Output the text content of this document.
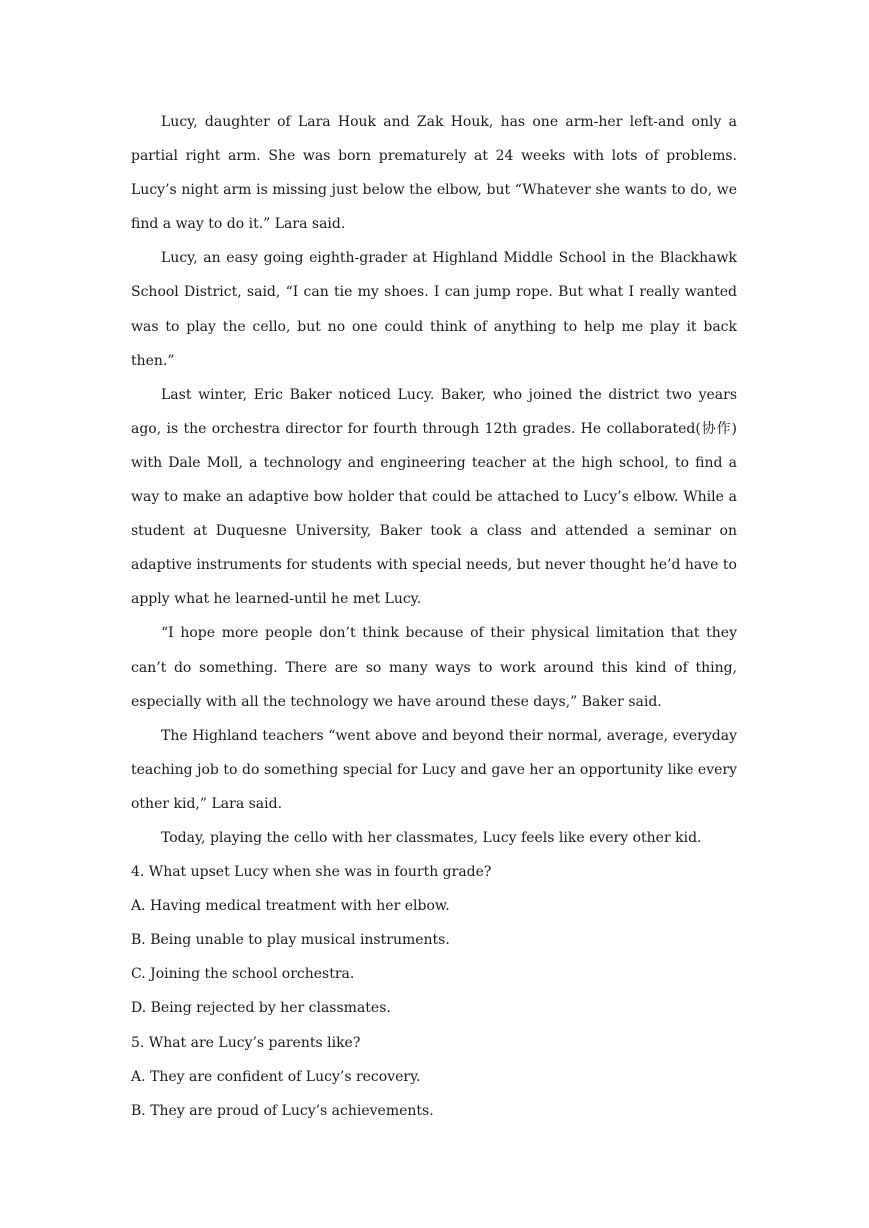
Lucy, daughter of Lara Houk and Zak Houk, has one arm-her left-and only a partial right arm. She was born prematurely at 24 weeks with lots of problems. Lucy’s night arm is missing just below the elbow, but “Whatever she wants to do, we find a way to do it.” Lara said.

Lucy, an easy going eighth-grader at Highland Middle School in the Blackhawk School District, said, “I can tie my shoes. I can jump rope. But what I really wanted was to play the cello, but no one could think of anything to help me play it back then.”

Last winter, Eric Baker noticed Lucy. Baker, who joined the district two years ago, is the orchestra director for fourth through 12th grades. He collaborated(协作) with Dale Moll, a technology and engineering teacher at the high school, to find a way to make an adaptive bow holder that could be attached to Lucy’s elbow. While a student at Duquesne University, Baker took a class and attended a seminar on adaptive instruments for students with special needs, but never thought he’d have to apply what he learned-until he met Lucy.

“I hope more people don’t think because of their physical limitation that they can’t do something. There are so many ways to work around this kind of thing, especially with all the technology we have around these days,” Baker said.

The Highland teachers “went above and beyond their normal, average, everyday teaching job to do something special for Lucy and gave her an opportunity like every other kid,” Lara said.

Today, playing the cello with her classmates, Lucy feels like every other kid.

4. What upset Lucy when she was in fourth grade?

A. Having medical treatment with her elbow.

B. Being unable to play musical instruments.

C. Joining the school orchestra.

D. Being rejected by her classmates.

5. What are Lucy’s parents like?

A. They are confident of Lucy’s recovery.

B. They are proud of Lucy’s achievements.
